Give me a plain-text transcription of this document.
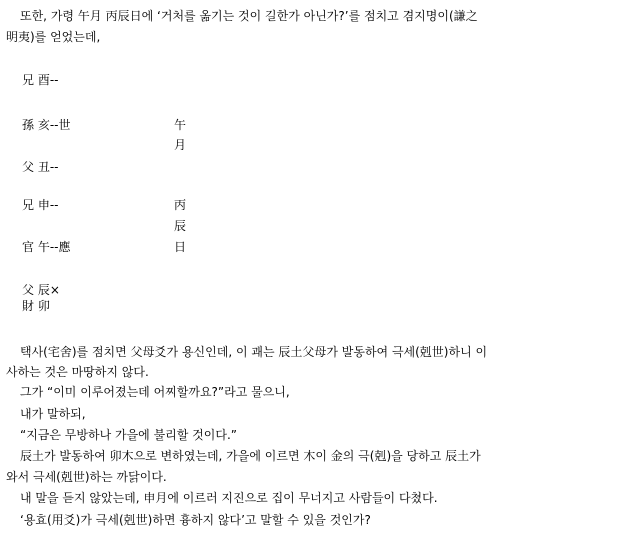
또한, 가령 午月 丙辰日에 ‘거처를 옮기는 것이 길한가 아닌가?’를 점치고 겸지명이(謙之
明夷)를 얻었는데,
兄 酉--
孫 亥--世
父 丑--
兄 申--
官 午--應
父 辰×
財 卯
午
月
丙
辰
日
택사(宅舍)를 점치면 父母爻가 용신인데, 이 괘는 辰土父母가 발동하여 극세(剋世)하니 이
사하는 것은 마땅하지 않다.
그가 “이미 이루어졌는데 어찌할까요?”라고 물으니,
내가 말하되,
“지금은 무방하나 가을에 불리할 것이다.”
辰土가 발동하여 卯木으로 변하였는데, 가을에 이르면 木이 金의 극(剋)을 당하고 辰土가
와서 극세(剋世)하는 까닭이다.
내 말을 듣지 않았는데, 申月에 이르러 지진으로 집이 무너지고 사람들이 다쳤다.
‘용효(用爻)가 극세(剋世)하면 흉하지 않다’고 말할 수 있을 것인가?
